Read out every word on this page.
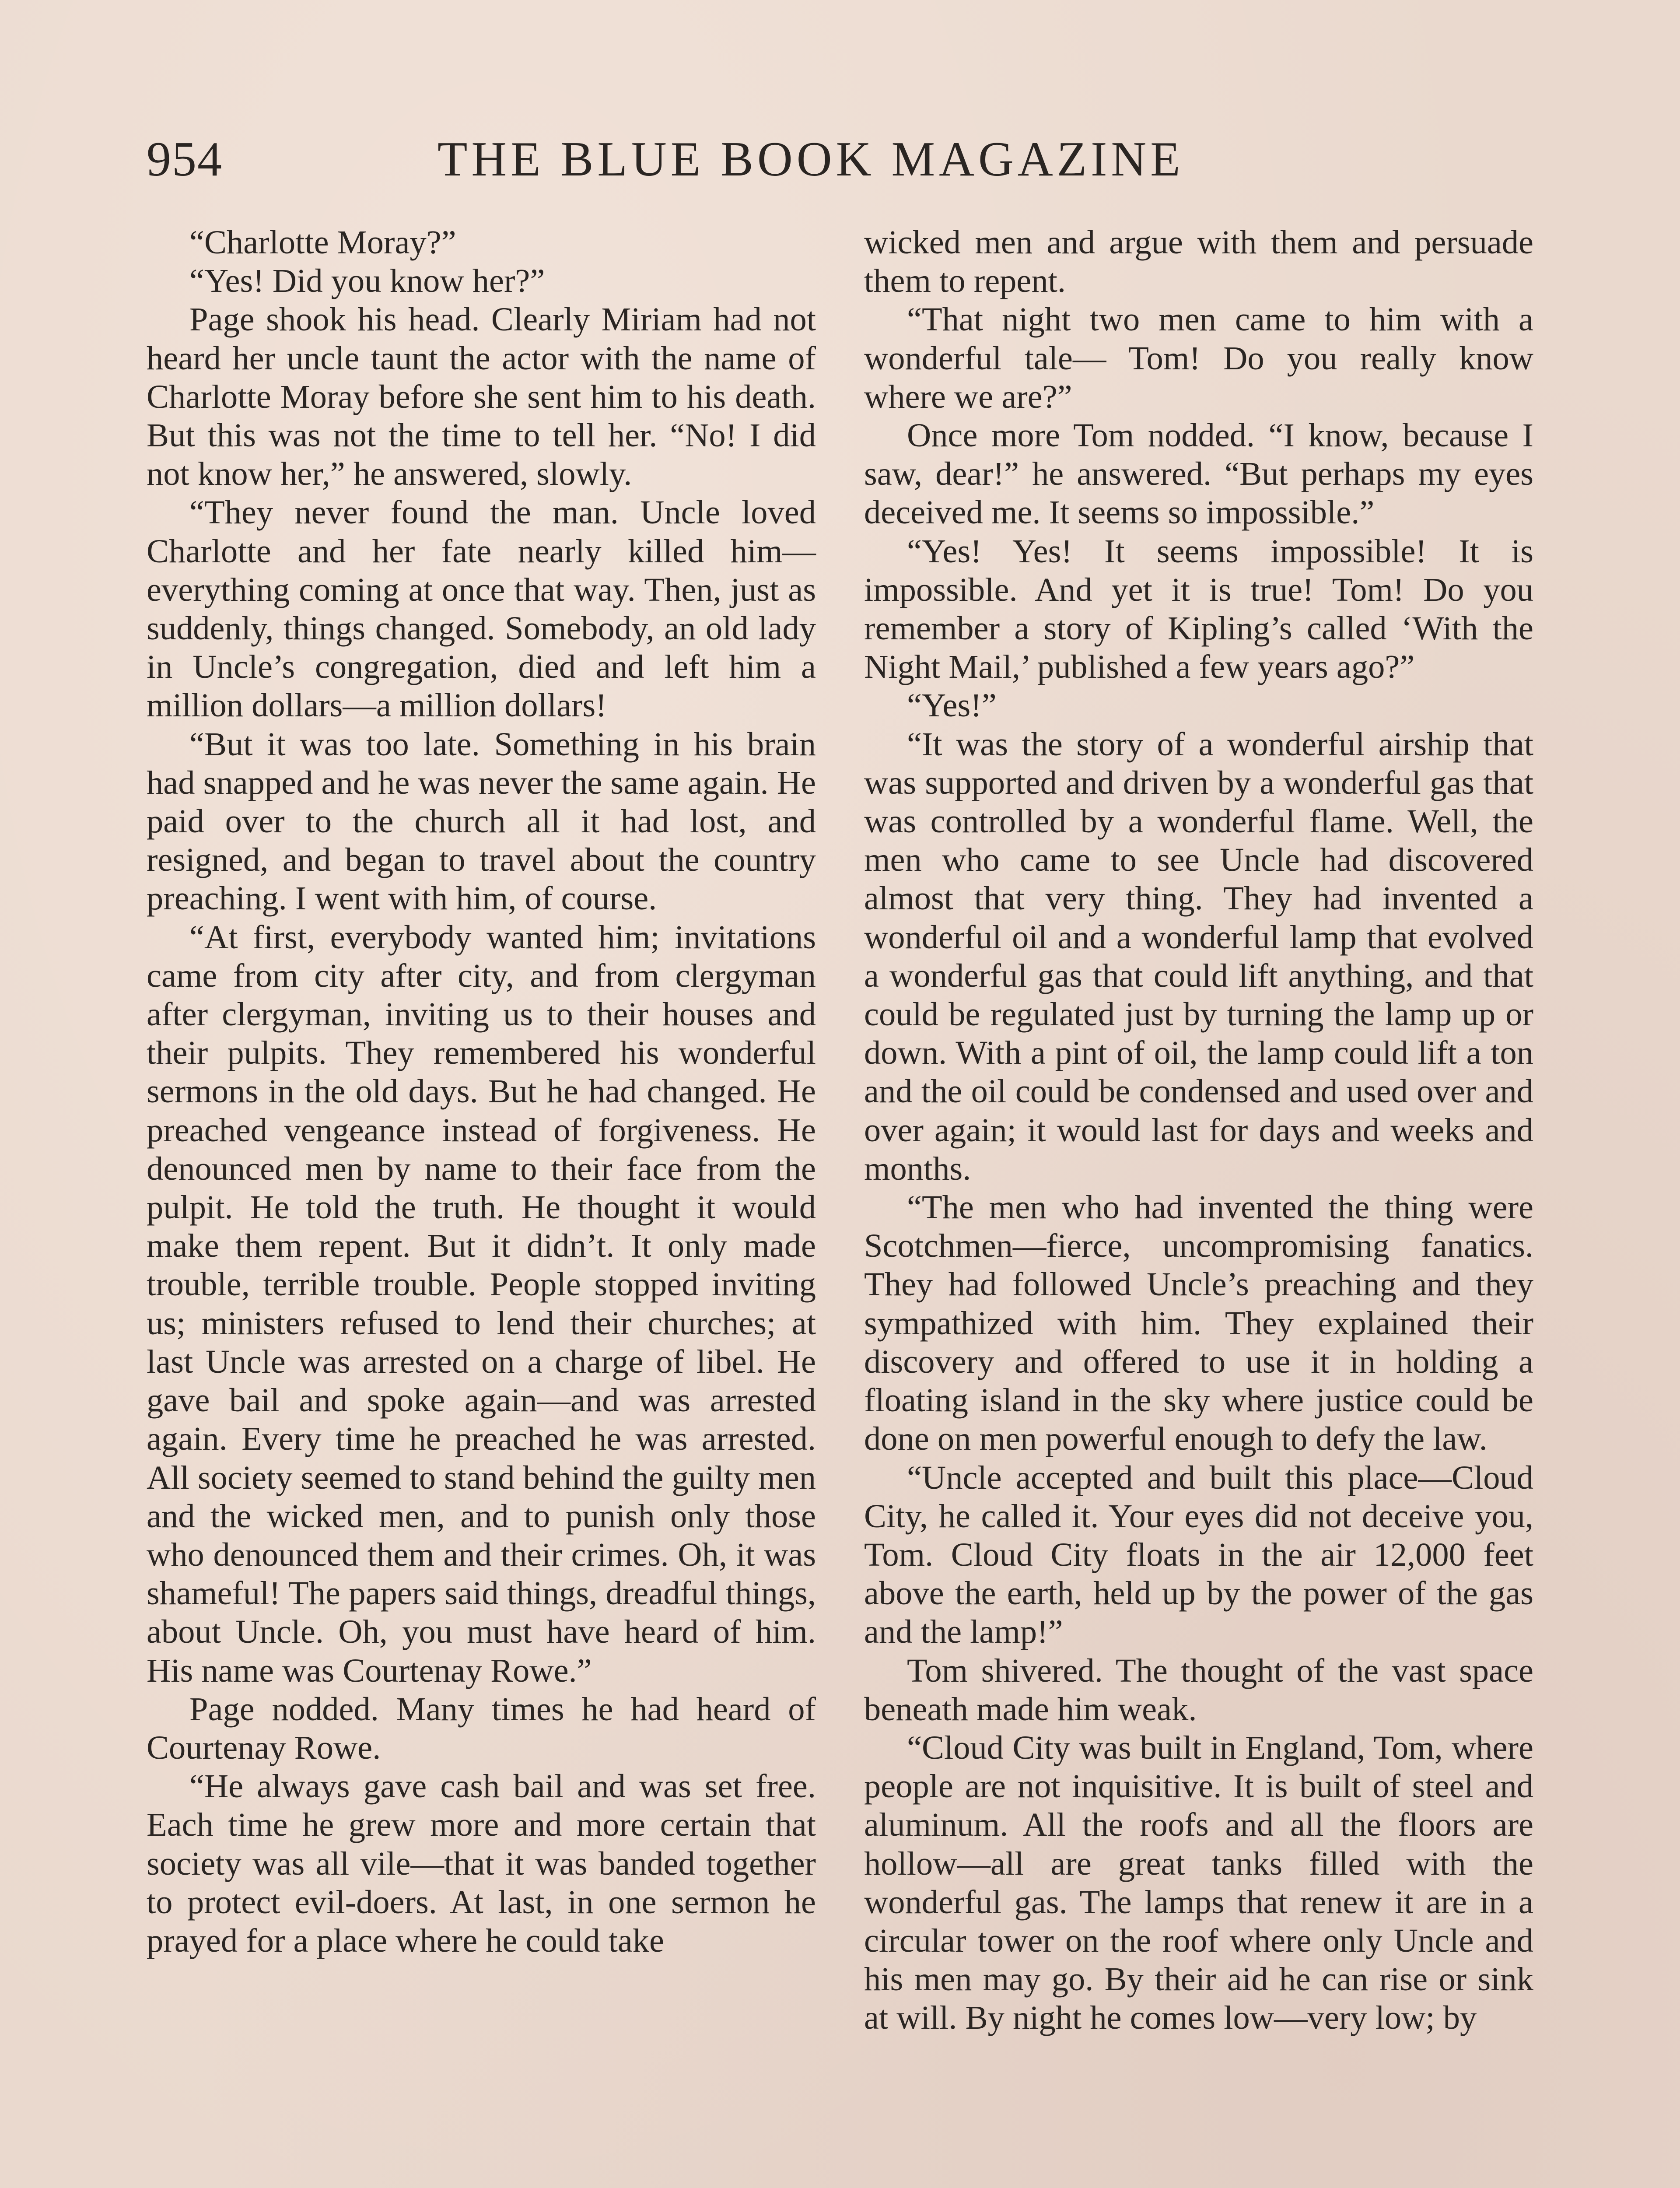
954	THE BLUE BOOK MAGAZINE

“Charlotte Moray?”

“Yes! Did you know her?”

Page shook his head. Clearly Miriam had not heard her uncle taunt the actor with the name of Charlotte Moray before she sent him to his death. But this was not the time to tell her. “No! I did not know her,” he answered, slowly.

“They never found the man. Uncle loved Charlotte and her fate nearly killed him—everything coming at once that way. Then, just as suddenly, things changed. Somebody, an old lady in Uncle’s congregation, died and left him a million dollars—a million dollars!

“But it was too late. Something in his brain had snapped and he was never the same again. He paid over to the church all it had lost, and resigned, and began to travel about the country preaching. I went with him, of course.

“At first, everybody wanted him; invitations came from city after city, and from clergyman after clergyman, inviting us to their houses and their pulpits. They remembered his wonderful sermons in the old days. But he had changed. He preached vengeance instead of forgiveness. He denounced men by name to their face from the pulpit. He told the truth. He thought it would make them repent. But it didn’t. It only made trouble, terrible trouble. People stopped inviting us; ministers refused to lend their churches; at last Uncle was arrested on a charge of libel. He gave bail and spoke again—and was arrested again. Every time he preached he was arrested. All society seemed to stand behind the guilty men and the wicked men, and to punish only those who denounced them and their crimes. Oh, it was shameful! The papers said things, dreadful things, about Uncle. Oh, you must have heard of him. His name was Courtenay Rowe.”

Page nodded. Many times he had heard of Courtenay Rowe.

“He always gave cash bail and was set free. Each time he grew more and more certain that society was all vile—that it was banded together to protect evil-doers. At last, in one sermon he prayed for a place where he could take

wicked men and argue with them and persuade them to repent.

“That night two men came to him with a wonderful tale— Tom! Do you really know where we are?”

Once more Tom nodded. “I know, because I saw, dear!” he answered. “But perhaps my eyes deceived me. It seems so impossible.”

“Yes! Yes! It seems impossible! It is impossible. And yet it is true! Tom! Do you remember a story of Kipling’s called ‘With the Night Mail,’ published a few years ago?”

“Yes!”

“It was the story of a wonderful airship that was supported and driven by a wonderful gas that was controlled by a wonderful flame. Well, the men who came to see Uncle had discovered almost that very thing. They had invented a wonderful oil and a wonderful lamp that evolved a wonderful gas that could lift anything, and that could be regulated just by turning the lamp up or down. With a pint of oil, the lamp could lift a ton and the oil could be condensed and used over and over again; it would last for days and weeks and months.

“The men who had invented the thing were Scotchmen—fierce, uncompromising fanatics. They had followed Uncle’s preaching and they sympathized with him. They explained their discovery and offered to use it in holding a floating island in the sky where justice could be done on men powerful enough to defy the law.

“Uncle accepted and built this place—Cloud City, he called it. Your eyes did not deceive you, Tom. Cloud City floats in the air 12,000 feet above the earth, held up by the power of the gas and the lamp!”

Tom shivered. The thought of the vast space beneath made him weak.

“Cloud City was built in England, Tom, where people are not inquisitive. It is built of steel and aluminum. All the roofs and all the floors are hollow—all are great tanks filled with the wonderful gas. The lamps that renew it are in a circular tower on the roof where only Uncle and his men may go. By their aid he can rise or sink at will. By night he comes low—very low; by
